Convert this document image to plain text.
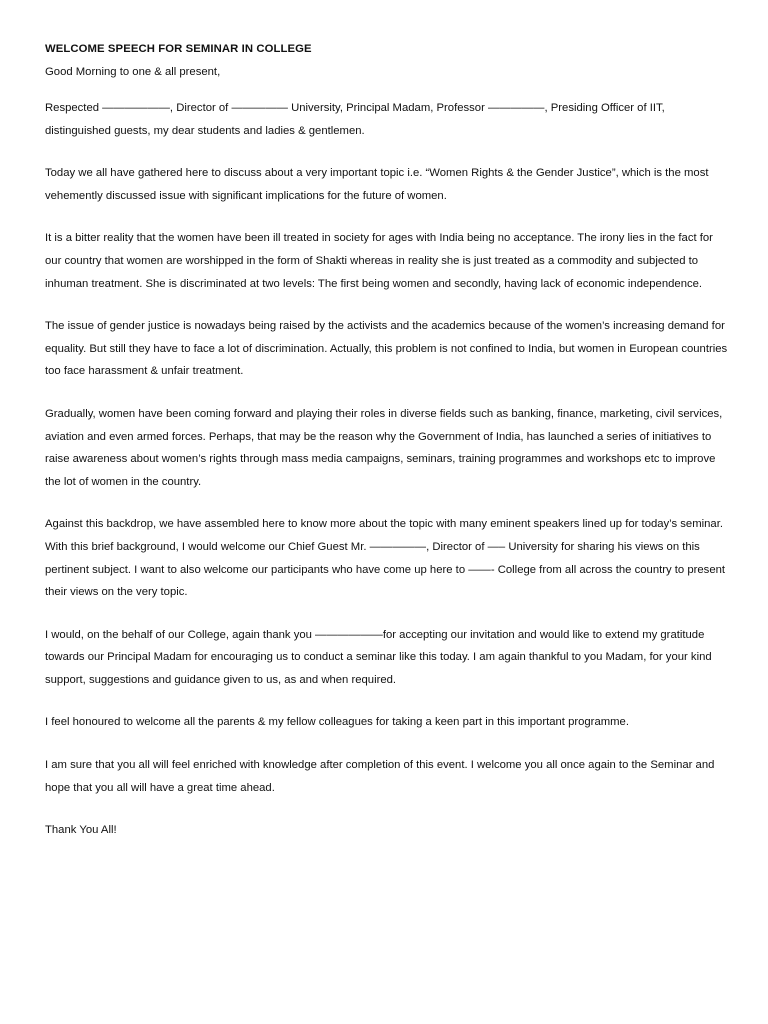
WELCOME SPEECH FOR SEMINAR IN COLLEGE

Good Morning to one & all present,

Respected ——————, Director of ————— University, Principal Madam, Professor —————, Presiding Officer of IIT, distinguished guests, my dear students and ladies & gentlemen.

Today we all have gathered here to discuss about a very important topic i.e. “Women Rights & the Gender Justice”, which is the most vehemently discussed issue with significant implications for the future of women.

It is a bitter reality that the women have been ill treated in society for ages with India being no acceptance. The irony lies in the fact for our country that women are worshipped in the form of Shakti whereas in reality she is just treated as a commodity and subjected to inhuman treatment. She is discriminated at two levels: The first being women and secondly, having lack of economic independence.

The issue of gender justice is nowadays being raised by the activists and the academics because of the women’s increasing demand for equality. But still they have to face a lot of discrimination. Actually, this problem is not confined to India, but women in European countries too face harassment & unfair treatment.

Gradually, women have been coming forward and playing their roles in diverse fields such as banking, finance, marketing, civil services, aviation and even armed forces. Perhaps, that may be the reason why the Government of India, has launched a series of initiatives to raise awareness about women’s rights through mass media campaigns, seminars, training programmes and workshops etc to improve the lot of women in the country.

Against this backdrop, we have assembled here to know more about the topic with many eminent speakers lined up for today’s seminar. With this brief background, I would welcome our Chief Guest Mr. —————, Director of —– University for sharing his views on this pertinent subject. I want to also welcome our participants who have come up here to ——- College from all across the country to present their views on the very topic.

I would, on the behalf of our College, again thank you ——————for accepting our invitation and would like to extend my gratitude towards our Principal Madam for encouraging us to conduct a seminar like this today. I am again thankful to you Madam, for your kind support, suggestions and guidance given to us, as and when required.

I feel honoured to welcome all the parents & my fellow colleagues for taking a keen part in this important programme.

I am sure that you all will feel enriched with knowledge after completion of this event. I welcome you all once again to the Seminar and hope that you all will have a great time ahead.

Thank You All!
